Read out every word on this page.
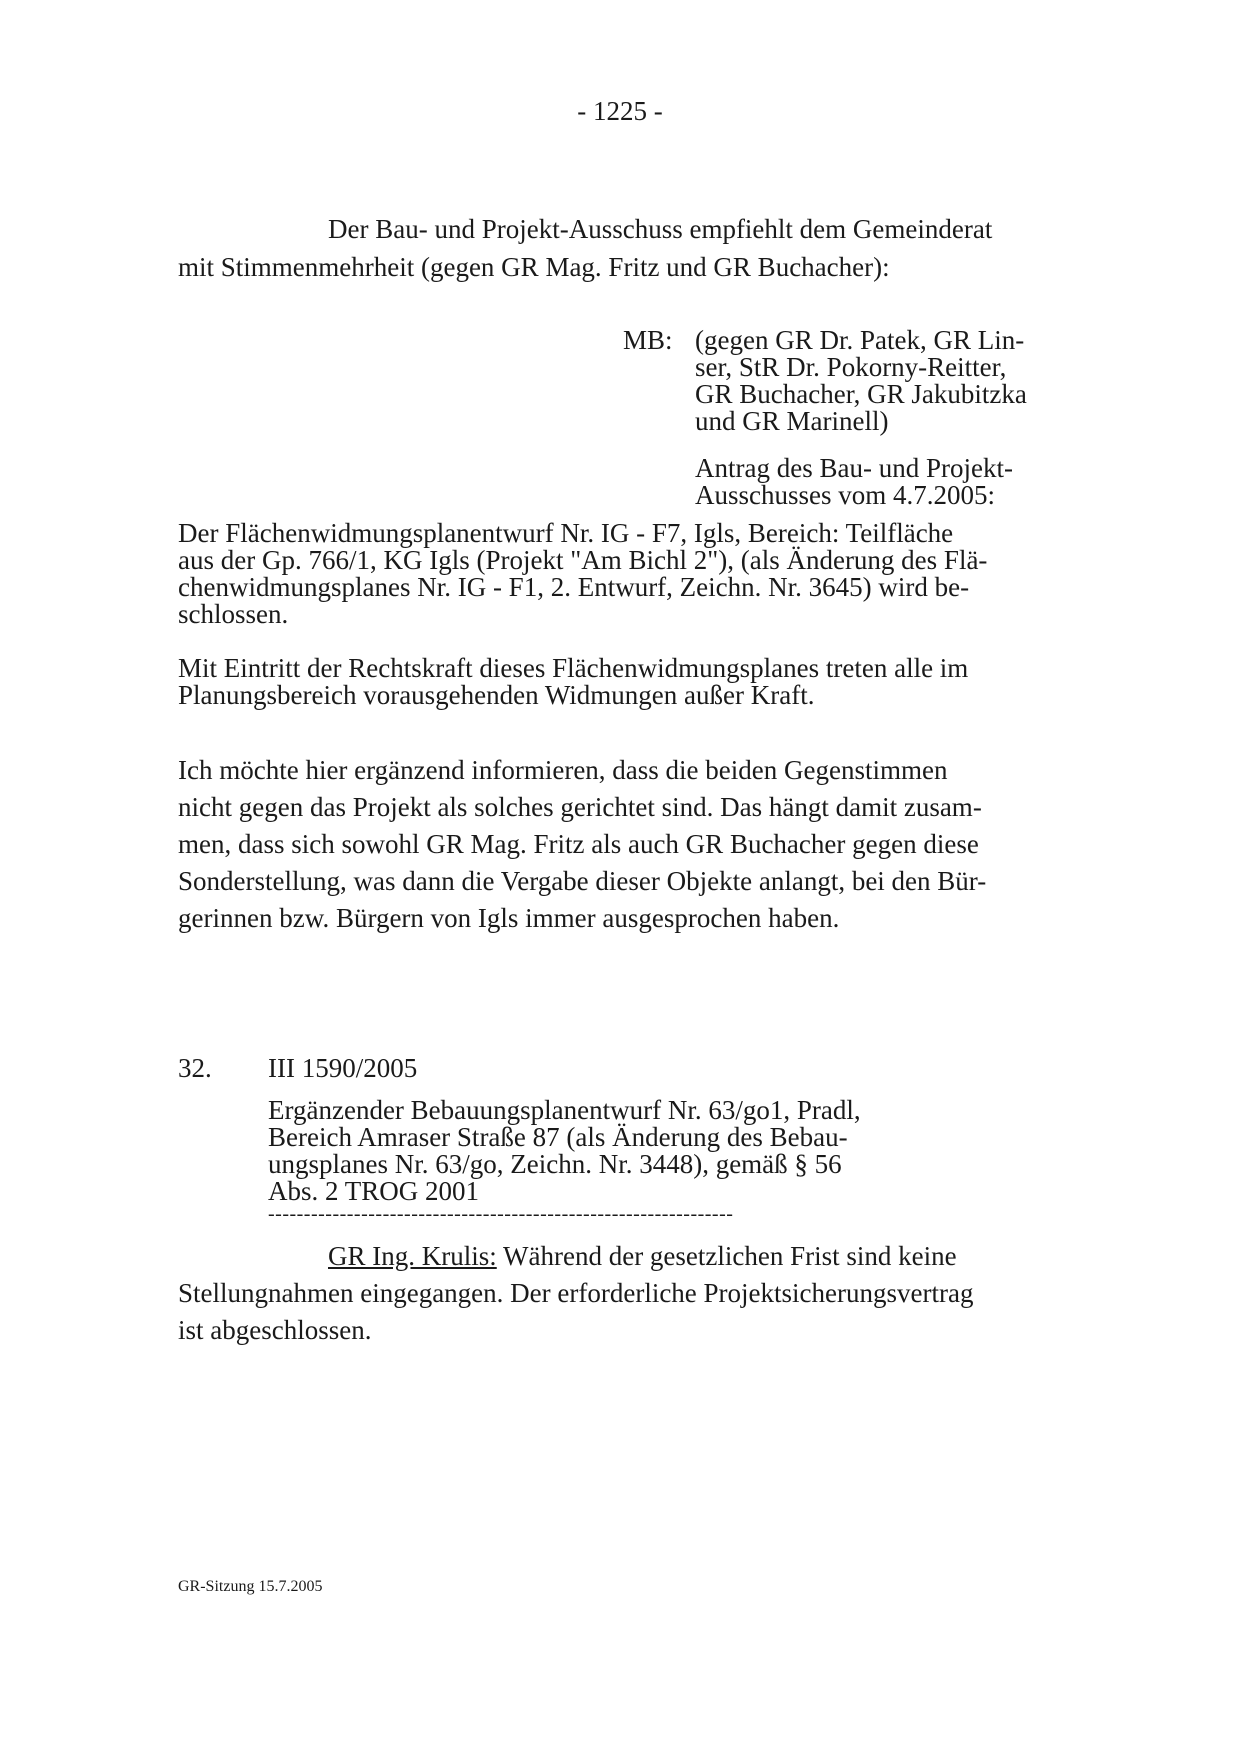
- 1225 -
Der Bau- und Projekt-Ausschuss empfiehlt dem Gemeinderat
mit Stimmenmehrheit (gegen GR Mag. Fritz und GR Buchacher):
MB: (gegen GR Dr. Patek, GR Lin-
ser, StR Dr. Pokorny-Reitter,
GR Buchacher, GR Jakubitzka
und GR Marinell)
Antrag des Bau- und Projekt-
Ausschusses vom 4.7.2005:
Der Flächenwidmungsplanentwurf Nr. IG - F7, Igls, Bereich: Teilfläche
aus der Gp. 766/1, KG Igls (Projekt "Am Bichl 2"), (als Änderung des Flä-
chenwidmungsplanes Nr. IG - F1, 2. Entwurf, Zeichn. Nr. 3645) wird be-
schlossen.
Mit Eintritt der Rechtskraft dieses Flächenwidmungsplanes treten alle im
Planungsbereich vorausgehenden Widmungen außer Kraft.
Ich möchte hier ergänzend informieren, dass die beiden Gegenstimmen
nicht gegen das Projekt als solches gerichtet sind. Das hängt damit zusam-
men, dass sich sowohl GR Mag. Fritz als auch GR Buchacher gegen diese
Sonderstellung, was dann die Vergabe dieser Objekte anlangt, bei den Bür-
gerinnen bzw. Bürgern von Igls immer ausgesprochen haben.
32. III 1590/2005
Ergänzender Bebauungsplanentwurf Nr. 63/go1, Pradl,
Bereich Amraser Straße 87 (als Änderung des Bebau-
ungsplanes Nr. 63/go, Zeichn. Nr. 3448), gemäß § 56
Abs. 2 TROG 2001
-----------------------------------------------------------------
GR Ing. Krulis: Während der gesetzlichen Frist sind keine
Stellungnahmen eingegangen. Der erforderliche Projektsicherungsvertrag
ist abgeschlossen.
GR-Sitzung 15.7.2005
